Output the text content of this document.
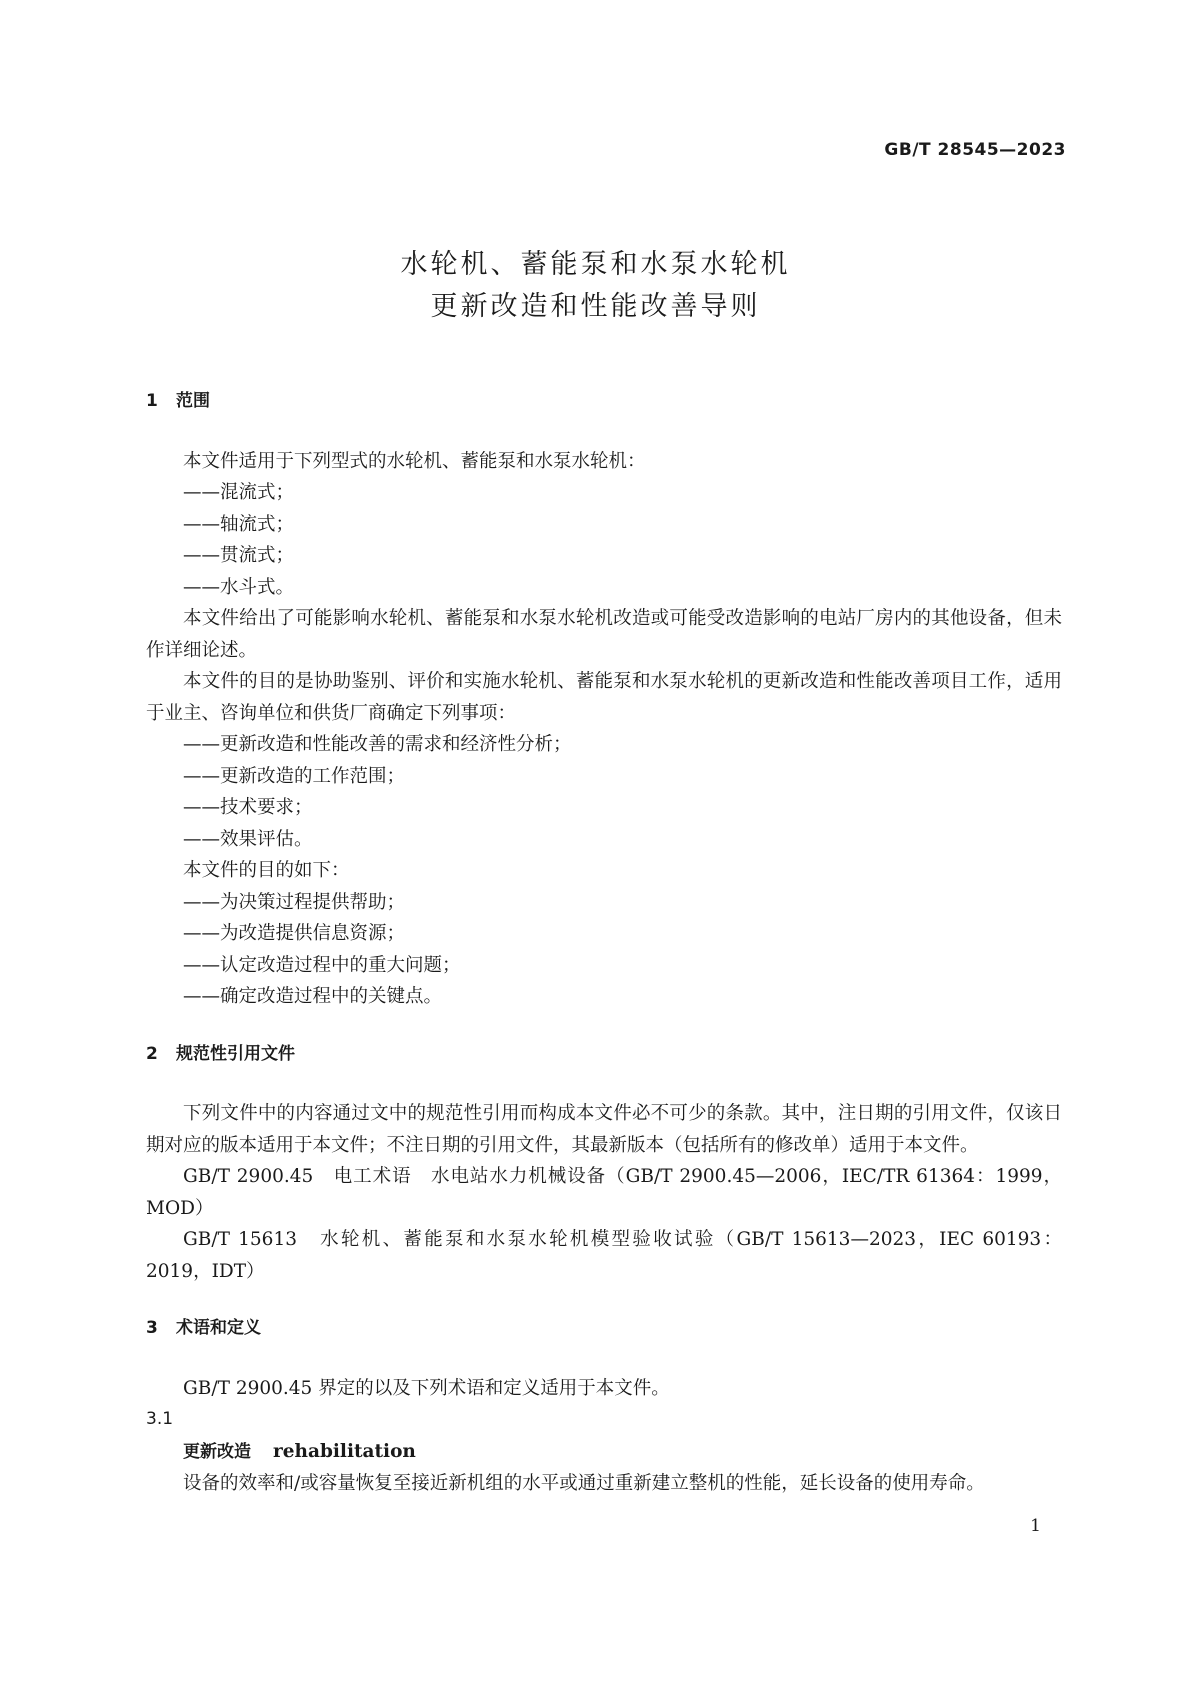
GB/T 28545—2023
水轮机、蓄能泵和水泵水轮机
更新改造和性能改善导则
1 范围

本文件适用于下列型式的水轮机、蓄能泵和水泵水轮机：

——混流式；

——轴流式；

——贯流式；

——水斗式。

本文件给出了可能影响水轮机、蓄能泵和水泵水轮机改造或可能受改造影响的电站厂房内的其他设备，但未作详细论述。

本文件的目的是协助鉴别、评价和实施水轮机、蓄能泵和水泵水轮机的更新改造和性能改善项目工作，适用于业主、咨询单位和供货厂商确定下列事项：

——更新改造和性能改善的需求和经济性分析；

——更新改造的工作范围；

——技术要求；

——效果评估。

本文件的目的如下：

——为决策过程提供帮助；

——为改造提供信息资源；

——认定改造过程中的重大问题；

——确定改造过程中的关键点。

2 规范性引用文件

下列文件中的内容通过文中的规范性引用而构成本文件必不可少的条款。其中，注日期的引用文件，仅该日期对应的版本适用于本文件；不注日期的引用文件，其最新版本（包括所有的修改单）适用于本文件。

GB/T 2900.45　电工术语　水电站水力机械设备（GB/T 2900.45—2006，IEC/TR 61364：1999，MOD）

GB/T 15613　水轮机、蓄能泵和水泵水轮机模型验收试验（GB/T 15613—2023，IEC 60193：2019，IDT）

3 术语和定义

GB/T 2900.45 界定的以及下列术语和定义适用于本文件。

3.1

更新改造 rehabilitation

设备的效率和/或容量恢复至接近新机组的水平或通过重新建立整机的性能，延长设备的使用寿命。

1
